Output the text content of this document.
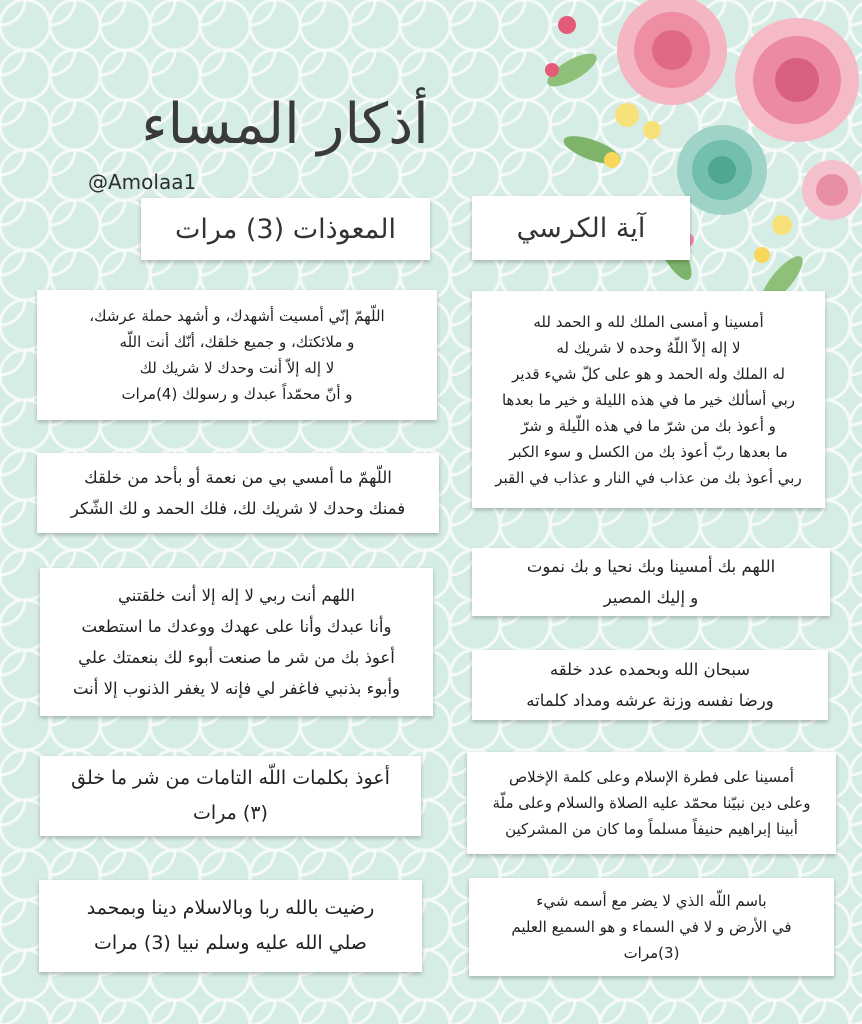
أذكار المساء
@Amolaa1
آية الكرسي
المعوذات (3) مرات
أمسينا و أمسى الملك لله و الحمد لله
لا إله إلاّ اللّهُ وحده لا شريك له
له الملك وله الحمد و هو على كلّ شيء قدير
ربي أسألك خير ما في هذه الليلة و خير ما بعدها
و أعوذ بك من شرّ ما في هذه اللّيلة و شرّ
ما بعدها ربّ أعوذ بك من الكسل و سوء الكبر
ربي أعوذ بك من عذاب في النار و عذاب في القبر
اللهم بك أمسينا وبك نحيا و بك نموت
و إليك المصير
سبحان الله وبحمده عدد خلقه
ورضا نفسه وزنة عرشه ومداد كلماته
أمسينا على فطرة الإسلام وعلى كلمة الإخلاص
وعلى دين نبيّنا محمّد عليه الصلاة والسلام وعلى ملّة
أبينا إبراهيم حنيفاً مسلماً وما كان من المشركين
باسم اللّه الذي لا يضر مع أسمه شيء
في الأرض و لا في السماء و هو السميع العليم
(3)مرات
اللّهمّ إنّي أمسيت أشهدك، و أشهد حملة عرشك،
و ملائكتك، و جميع خلقك، أنّك أنت اللّه
لا إله إلاّ أنت وحدك لا شريك لك
و أنّ محمّداً عبدك و رسولك (4)مرات
اللّهمّ ما أمسي بي من نعمة أو بأحد من خلقك
فمنك وحدك لا شريك لك، فلك الحمد و لك الشّكر
اللهم أنت ربي لا إله إلا أنت خلقتني
وأنا عبدك وأنا على عهدك ووعدك ما استطعت
أعوذ بك من شر ما صنعت أبوء لك بنعمتك علي
وأبوء بذنبي فاغفر لي فإنه لا يغفر الذنوب إلا أنت
أعوذ بكلمات اللّه التامات من شر ما خلق
(٣) مرات
رضيت بالله ربا وبالاسلام دينا وبمحمد
صلي الله عليه وسلم نبيا (3) مرات
